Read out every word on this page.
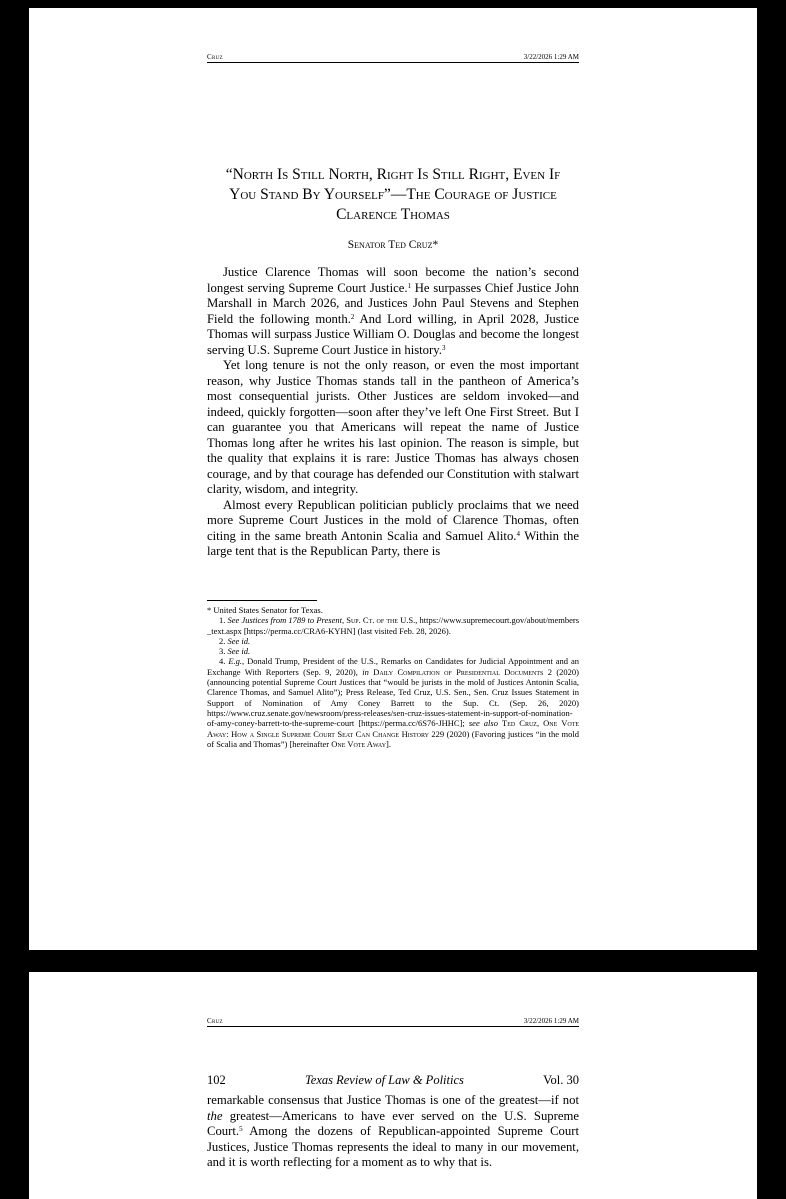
Cruz	3/22/2026 1:29 AM
“North Is Still North, Right Is Still Right, Even If
You Stand By Yourself”—The Courage of Justice
Clarence Thomas
Senator Ted Cruz*

Justice Clarence Thomas will soon become the nation’s second longest serving Supreme Court Justice.$^1$ He surpasses Chief Justice John Marshall in March 2026, and Justices John Paul Stevens and Stephen Field the following month.$^2$ And Lord willing, in April 2028, Justice Thomas will surpass Justice William O. Douglas and become the longest serving U.S. Supreme Court Justice in history.$^3$

Yet long tenure is not the only reason, or even the most important reason, why Justice Thomas stands tall in the pantheon of America’s most consequential jurists. Other Justices are seldom invoked—and indeed, quickly forgotten—soon after they’ve left One First Street. But I can guarantee you that Americans will repeat the name of Justice Thomas long after he writes his last opinion. The reason is simple, but the quality that explains it is rare: Justice Thomas has always chosen courage, and by that courage has defended our Constitution with stalwart clarity, wisdom, and integrity.

Almost every Republican politician publicly proclaims that we need more Supreme Court Justices in the mold of Clarence Thomas, often citing in the same breath Antonin Scalia and Samuel Alito.$^4$ Within the large tent that is the Republican Party, there is

* United States Senator for Texas.
1. See Justices from 1789 to Present, Sup. Ct. of the U.S., https://www.supremecourt.gov/about/members_text.aspx [https://perma.cc/CRA6-KYHN] (last visited Feb. 28, 2026).
2. See id.
3. See id.
4. E.g., Donald Trump, President of the U.S., Remarks on Candidates for Judicial Appointment and an Exchange With Reporters (Sep. 9, 2020), in Daily Compilation of Presidential Documents 2 (2020) (announcing potential Supreme Court Justices that “would be jurists in the mold of Justices Antonin Scalia, Clarence Thomas, and Samuel Alito”); Press Release, Ted Cruz, U.S. Sen., Sen. Cruz Issues Statement in Support of Nomination of Amy Coney Barrett to the Sup. Ct. (Sep. 26, 2020) https://www.cruz.senate.gov/newsroom/press-releases/sen-cruz-issues-statement-in-support-of-nomination-of-amy-coney-barrett-to-the-supreme-court [https://perma.cc/6S76-JHHC]; see also Ted Cruz, One Vote Away: How a Single Supreme Court Seat Can Change History 229 (2020) (Favoring justices “in the mold of Scalia and Thomas”) [hereinafter One Vote Away].
Cruz	3/22/2026 1:29 AM
102	Texas Review of Law & Politics	Vol. 30

remarkable consensus that Justice Thomas is one of the greatest—if not the greatest—Americans to have ever served on the U.S. Supreme Court.$^5$ Among the dozens of Republican-appointed Supreme Court Justices, Justice Thomas represents the ideal to many in our movement, and it is worth reflecting for a moment as to why that is.
